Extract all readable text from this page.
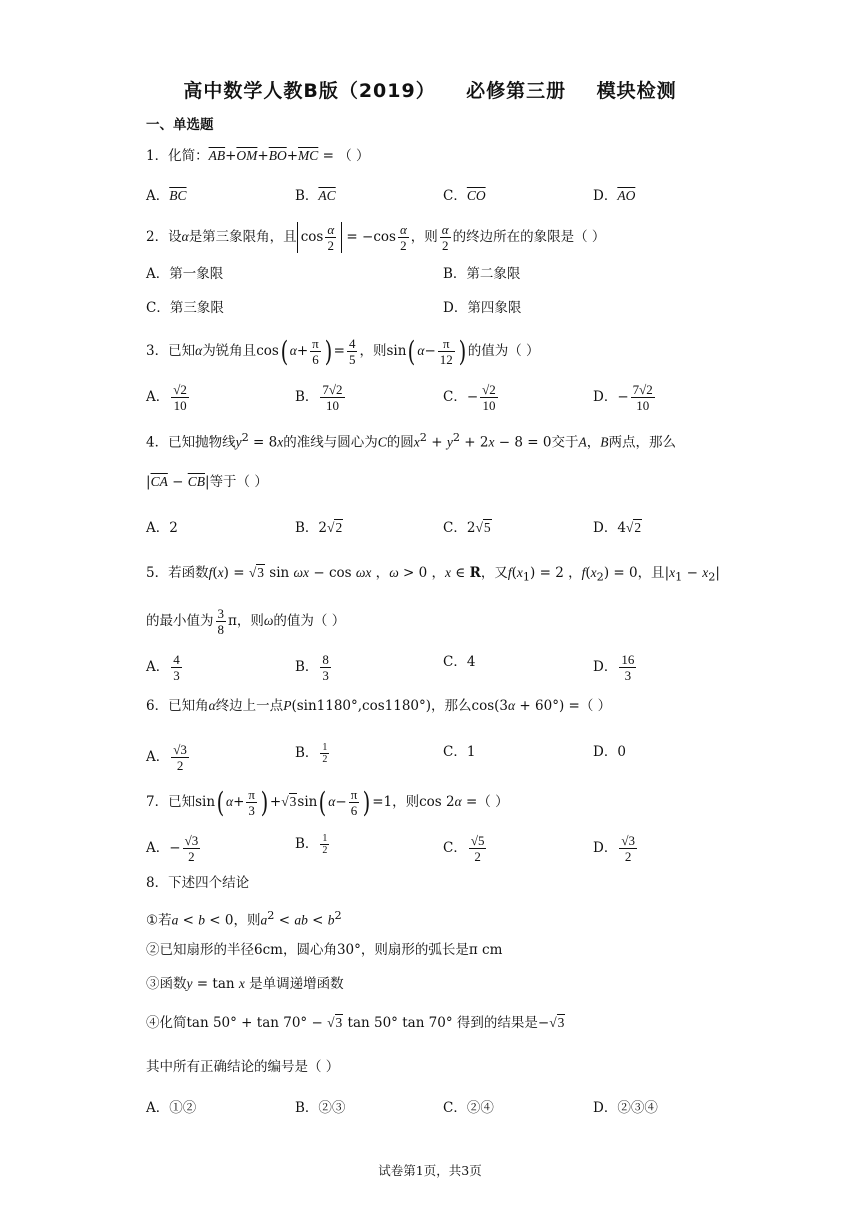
高中数学人教B版（2019）    必修第三册    模块检测
一、单选题
1．化简：$\overline{AB}+\overline{OM}+\overline{BO}+\overline{MC}$ = （ ）
A．$\overline{BC}$	B．$\overline{AC}$	C．$\overline{CO}$	D．$\overline{AO}$
2．设α是第三象限角，且 $\cos \frac{\alpha}{2} = -\cos \frac{\alpha}{2}$ ，则 $\frac{\alpha}{2}$ 的终边所在的象限是（ ）
A．第一象限	B．第二象限
C．第三象限	D．第四象限
3．已知α为锐角且cos( $\alpha+ \frac{\pi}{6}$ ) = $\frac{4}{5}$ ，则sin( $\alpha- \frac{\pi}{12}$ ) 的值为（ ）
A． $\frac{√2}{10}$	B． $\frac{7√2}{10}$	C．− $\frac{√2}{10}$	D．− $\frac{7√2}{10}$
4．已知抛物线$y^2 = 8x$的准线与圆心为C的圆$x^2 + y^2 + 2x - 8 = 0$交于A，B两点，那么
$|\overline{CA} - \overline{CB}|$等于（ ）
A．2	B．2√2	C．2√5	D．4√2
5．若函数f(x) = √3 sin ωx − cos ωx ，ω > 0 ，x ∈ R，又$f(x_1) = 2$ ，$f(x_2) = 0$，且$|x_1 - x_2|$
的最小值为 $\frac{3}{8}$ π，则ω的值为（ ）
A． $\frac{4}{3}$	B． $\frac{8}{3}$	C．4	D． $\frac{16}{3}$
6．已知角α终边上一点P(sin1180°,cos1180°)，那么cos(3α + 60°) =（ ）
A． $\frac{√3}{2}$	B． $\frac{1}{2}$	C．1	D．0
7．已知sin( $\alpha+ \frac{\pi}{3}$ ) +√3sin( $\alpha- \frac{\pi}{6}$ ) =1，则cos 2α =（ ）
A．− $\frac{√3}{2}$	B． $\frac{1}{2}$	C． $\frac{√5}{2}$	D． $\frac{√3}{2}$
8．下述四个结论
①若a < b < 0，则$a^2$ < ab < $b^2$
②已知扇形的半径6cm，圆心角30°，则扇形的弧长是π cm
③函数y = tan x 是单调递增函数
④化简tan 50° + tan 70° − √3 tan 50° tan 70° 得到的结果是−√3
其中所有正确结论的编号是（ ）
A．①②	B．②③	C．②④	D．②③④
试卷第1页，共3页
